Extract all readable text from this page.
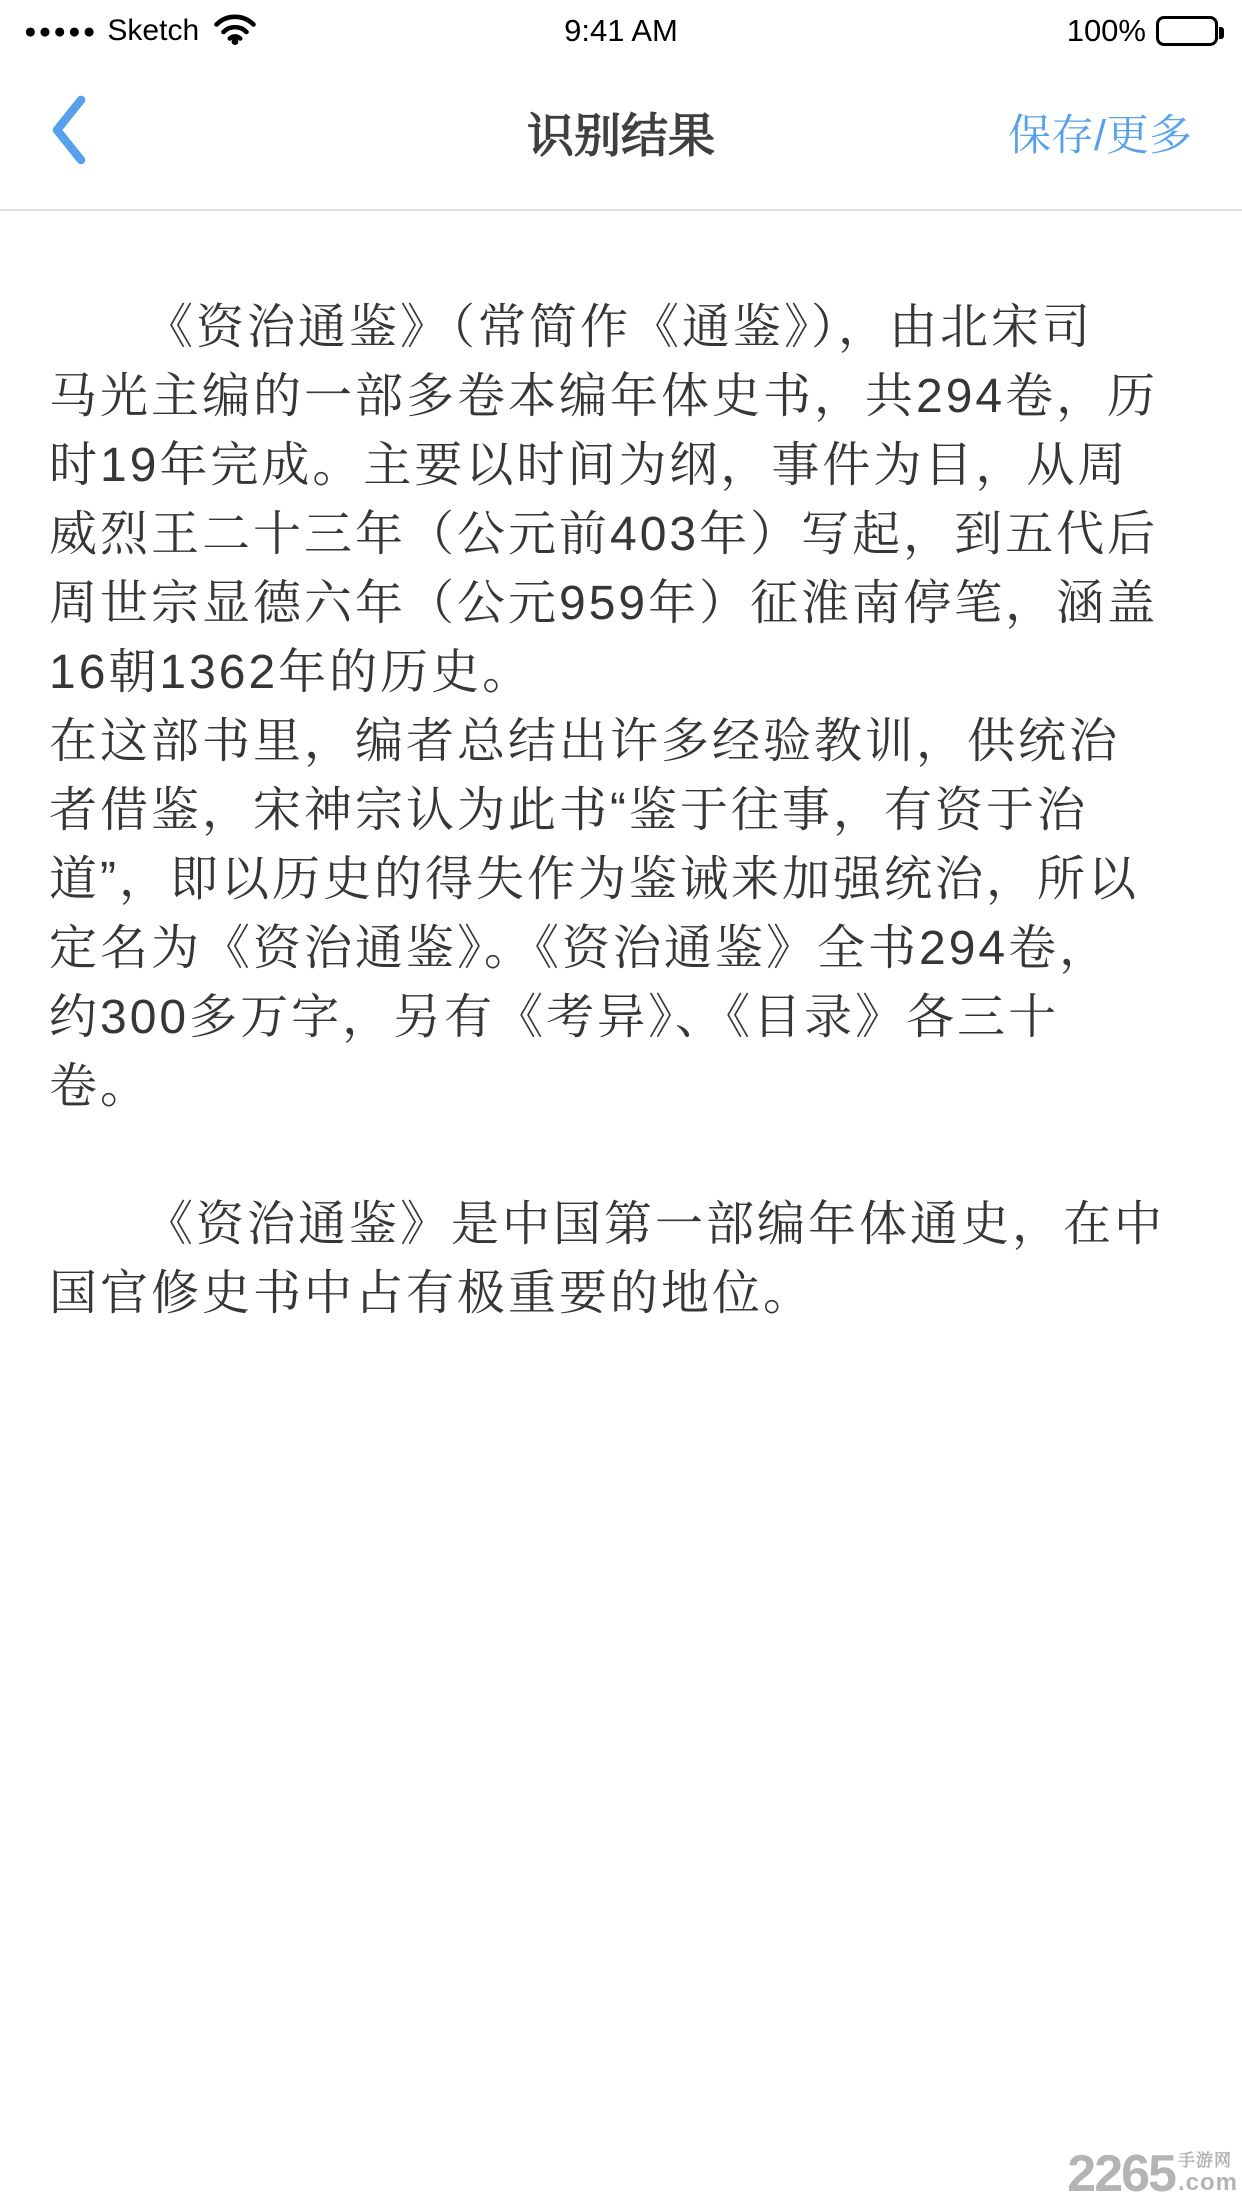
●●●●● Sketch	9:41 AM	100%
识别结果	保存/更多
《资治通鉴》（常简作《通鉴》），由北宋司
马光主编的一部多卷本编年体史书，共294卷，历
时19年完成。主要以时间为纲，事件为目，从周
威烈王二十三年（公元前403年）写起，到五代后
周世宗显德六年（公元959年）征淮南停笔，涵盖
16朝1362年的历史。
在这部书里，编者总结出许多经验教训，供统治
者借鉴，宋神宗认为此书“鉴于往事，有资于治
道”，即以历史的得失作为鉴诫来加强统治，所以
定名为《资治通鉴》。《资治通鉴》全书294卷，
约300多万字，另有《考异》、《目录》各三十
卷。
《资治通鉴》是中国第一部编年体通史，在中
国官修史书中占有极重要的地位。
2265 手游网
.com
